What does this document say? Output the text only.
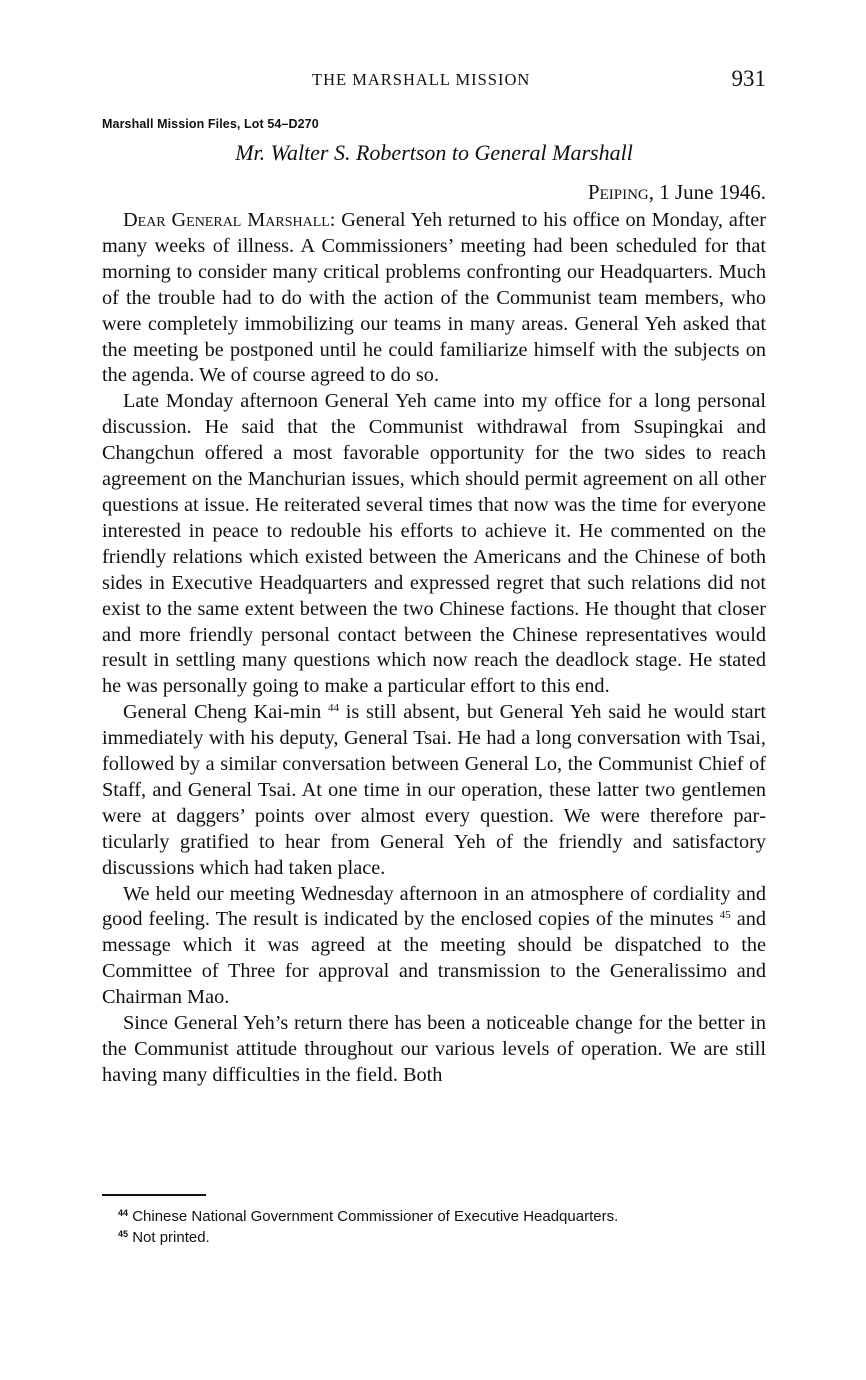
THE MARSHALL MISSION	931
Marshall Mission Files, Lot 54–D270
Mr. Walter S. Robertson to General Marshall
Peiping, 1 June 1946.

Dear General Marshall: General Yeh returned to his office on Monday, after many weeks of illness. A Commissioners’ meeting had been scheduled for that morning to consider many critical problems confronting our Headquarters. Much of the trouble had to do with the action of the Communist team members, who were completely immobilizing our teams in many areas. General Yeh asked that the meeting be postponed until he could familiarize himself with the subjects on the agenda. We of course agreed to do so.

Late Monday afternoon General Yeh came into my office for a long personal discussion. He said that the Communist withdrawal from Ssupingkai and Changchun offered a most favorable opportunity for the two sides to reach agreement on the Manchurian issues, which should permit agreement on all other questions at issue. He reiterated several times that now was the time for everyone interested in peace to redouble his efforts to achieve it. He commented on the friendly relations which existed between the Americans and the Chinese of both sides in Executive Headquarters and expressed regret that such relations did not exist to the same extent between the two Chinese factions. He thought that closer and more friendly personal contact between the Chinese representatives would result in settling many questions which now reach the deadlock stage. He stated he was personally going to make a particular effort to this end.

General Cheng Kai-min $^{44}$ is still absent, but General Yeh said he would start immediately with his deputy, General Tsai. He had a long conversation with Tsai, followed by a similar conversation between General Lo, the Communist Chief of Staff, and General Tsai. At one time in our operation, these latter two gentlemen were at daggers’ points over almost every question. We were therefore particularly gratified to hear from General Yeh of the friendly and satisfactory discussions which had taken place.

We held our meeting Wednesday afternoon in an atmosphere of cordiality and good feeling. The result is indicated by the enclosed copies of the minutes $^{45}$ and message which it was agreed at the meeting should be dispatched to the Committee of Three for approval and transmission to the Generalissimo and Chairman Mao.

Since General Yeh’s return there has been a noticeable change for the better in the Communist attitude throughout our various levels of operation. We are still having many difficulties in the field. Both

$^{44}$ Chinese National Government Commissioner of Executive Headquarters.
$^{45}$ Not printed.
